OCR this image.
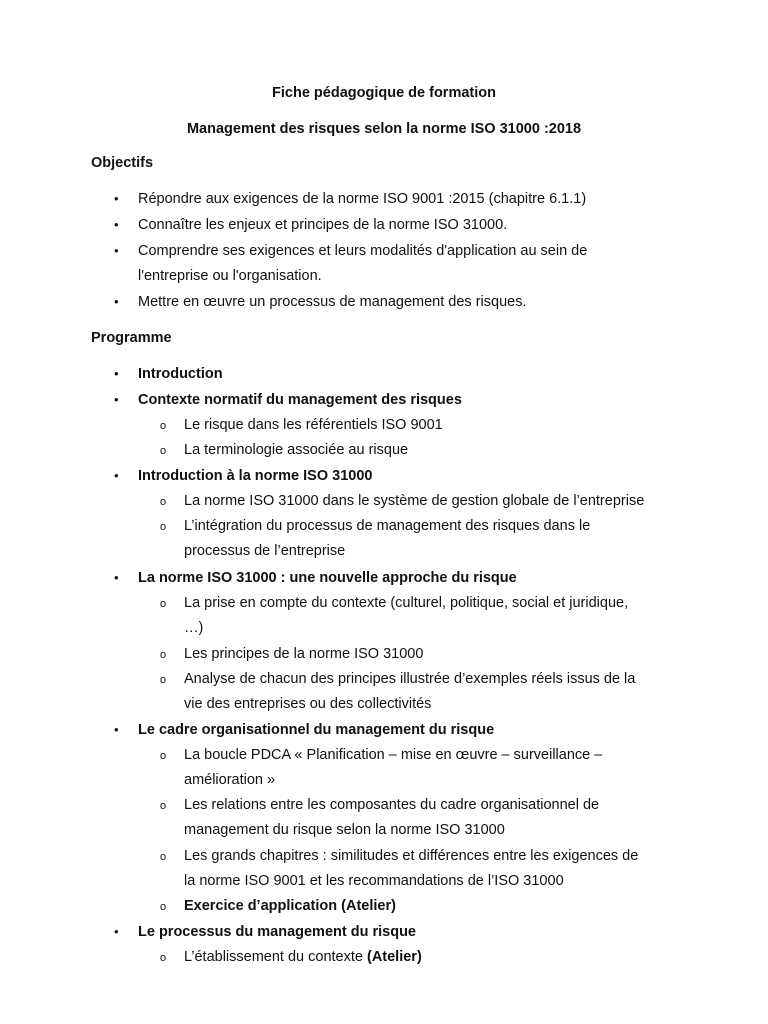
Fiche pédagogique de formation
Management des risques selon la norme ISO 31000 :2018
Objectifs
• Répondre aux exigences de la norme ISO 9001 :2015 (chapitre 6.1.1)
• Connaître les enjeux et principes de la norme ISO 31000.
• Comprendre ses exigences et leurs modalités d'application au sein de
l'entreprise ou l'organisation.
• Mettre en œuvre un processus de management des risques.
Programme
• Introduction
• Contexte normatif du management des risques
o Le risque dans les référentiels ISO 9001
o La terminologie associée au risque
• Introduction à la norme ISO 31000
o La norme ISO 31000 dans le système de gestion globale de l’entreprise
o L’intégration du processus de management des risques dans le
processus de l’entreprise
• La norme ISO 31000 : une nouvelle approche du risque
o La prise en compte du contexte (culturel, politique, social et juridique,
…)
o Les principes de la norme ISO 31000
o Analyse de chacun des principes illustrée d’exemples réels issus de la
vie des entreprises ou des collectivités
• Le cadre organisationnel du management du risque
o La boucle PDCA « Planification – mise en œuvre – surveillance –
amélioration »
o Les relations entre les composantes du cadre organisationnel de
management du risque selon la norme ISO 31000
o Les grands chapitres : similitudes et différences entre les exigences de
la norme ISO 9001 et les recommandations de l’ISO 31000
o Exercice d’application (Atelier)
• Le processus du management du risque
o L’établissement du contexte (Atelier)
